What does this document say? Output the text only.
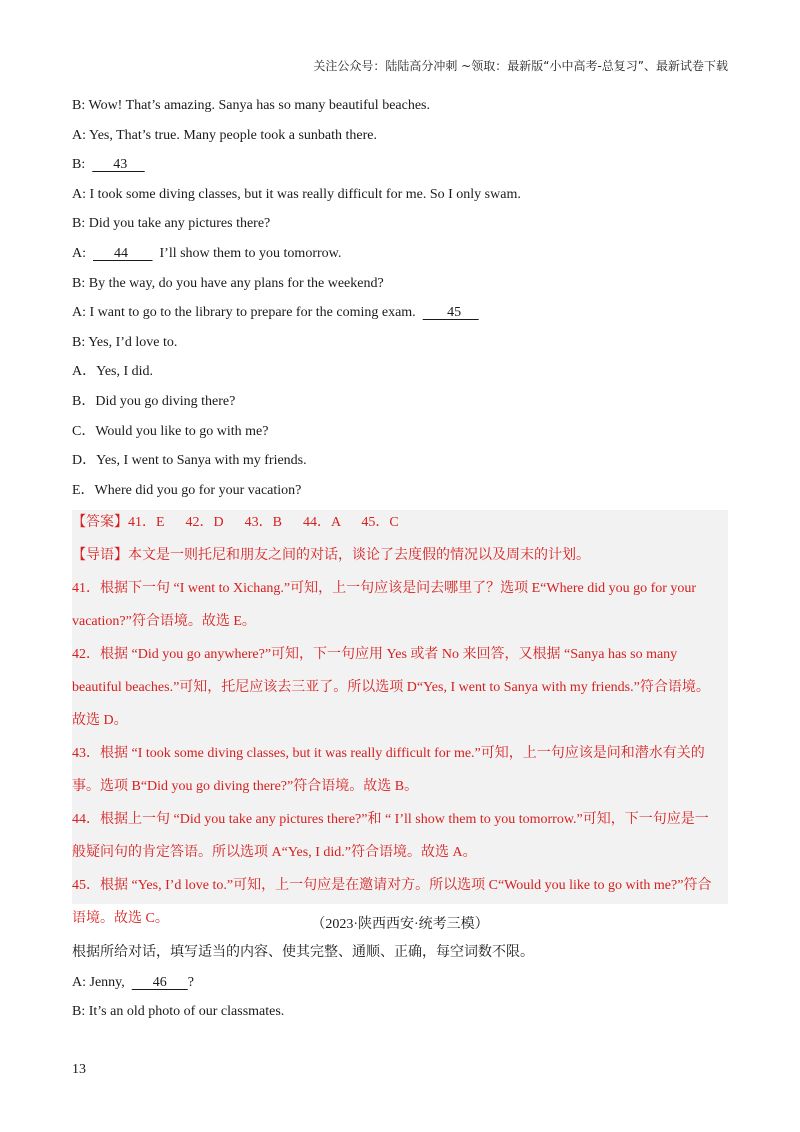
关注公众号：陆陆高分冲刺 ~领取：最新版“小中高考-总复习”、最新试卷下载
B: Wow! That’s amazing. Sanya has so many beautiful beaches.
A: Yes, That’s true. Many people took a sunbath there.
B:        43
A: I took some diving classes, but it was really difficult for me. So I only swam.
B: Did you take any pictures there?
A:        44         I’ll show them to you tomorrow.
B: By the way, do you have any plans for the weekend?
A: I want to go to the library to prepare for the coming exam.         45
B: Yes, I’d love to.
A．Yes, I did.
B．Did you go diving there?
C．Would you like to go with me?
D．Yes, I went to Sanya with my friends.
E．Where did you go for your vacation?
【答案】41．E      42．D      43．B      44．A      45．C
【导语】本文是一则托尼和朋友之间的对话，谈论了去度假的情况以及周末的计划。
41．根据下一句 “I went to Xichang.”可知，上一句应该是问去哪里了？选项 E“Where did you go for your
vacation?”符合语境。故选 E。
42．根据 “Did you go anywhere?”可知，下一句应用 Yes 或者 No 来回答，又根据 “Sanya has so many
beautiful beaches.”可知，托尼应该去三亚了。所以选项 D“Yes, I went to Sanya with my friends.”符合语境。
故选 D。
43．根据 “I took some diving classes, but it was really difficult for me.”可知，上一句应该是问和潜水有关的
事。选项 B“Did you go diving there?”符合语境。故选 B。
44．根据上一句 “Did you take any pictures there?”和 “ I’ll show them to you tomorrow.”可知，下一句应是一
般疑问句的肯定答语。所以选项 A“Yes, I did.”符合语境。故选 A。
45．根据 “Yes, I’d love to.”可知，上一句应是在邀请对方。所以选项 C“Would you like to go with me?”符合
语境。故选 C。	（2023·陕西西安·统考三模）
根据所给对话，填写适当的内容、使其完整、通顺、正确，每空词数不限。
A: Jenny,        46      ?
B: It’s an old photo of our classmates.
13
